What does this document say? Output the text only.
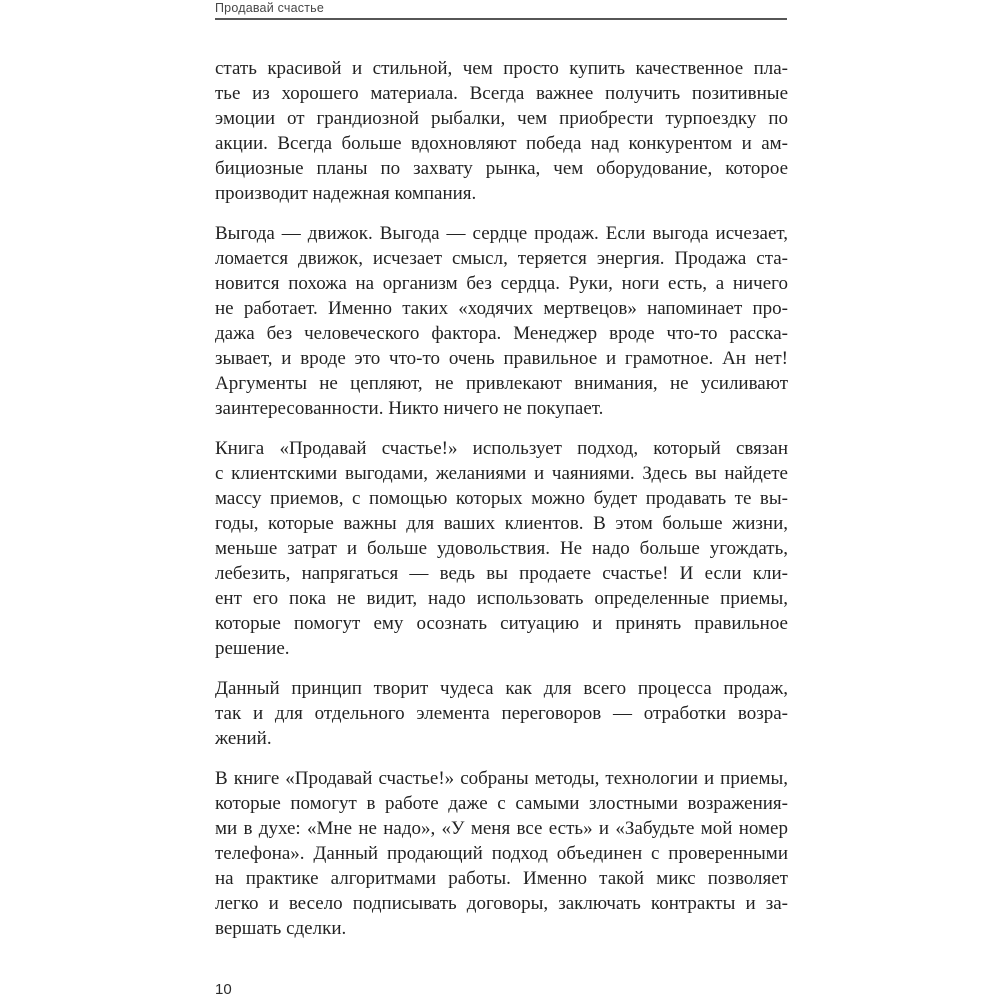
Продавай счастье
стать красивой и стильной, чем просто купить качественное пла-
тье из хорошего материала. Всегда важнее получить позитивные
эмоции от грандиозной рыбалки, чем приобрести турпоездку по
акции. Всегда больше вдохновляют победа над конкурентом и ам-
бициозные планы по захвату рынка, чем оборудование, которое
производит надежная компания.
Выгода — движок. Выгода — сердце продаж. Если выгода исчезает,
ломается движок, исчезает смысл, теряется энергия. Продажа ста-
новится похожа на организм без сердца. Руки, ноги есть, а ничего
не работает. Именно таких «ходячих мертвецов» напоминает про-
дажа без человеческого фактора. Менеджер вроде что-то расска-
зывает, и вроде это что-то очень правильное и грамотное. Ан нет!
Аргументы не цепляют, не привлекают внимания, не усиливают
заинтересованности. Никто ничего не покупает.
Книга «Продавай счастье!» использует подход, который связан
с клиентскими выгодами, желаниями и чаяниями. Здесь вы найдете
массу приемов, с помощью которых можно будет продавать те вы-
годы, которые важны для ваших клиентов. В этом больше жизни,
меньше затрат и больше удовольствия. Не надо больше угождать,
лебезить, напрягаться — ведь вы продаете счастье! И если кли-
ент его пока не видит, надо использовать определенные приемы,
которые помогут ему осознать ситуацию и принять правильное
решение.
Данный принцип творит чудеса как для всего процесса продаж,
так и для отдельного элемента переговоров — отработки возра-
жений.
В книге «Продавай счастье!» собраны методы, технологии и приемы,
которые помогут в работе даже с самыми злостными возражения-
ми в духе: «Мне не надо», «У меня все есть» и «Забудьте мой номер
телефона». Данный продающий подход объединен с проверенными
на практике алгоритмами работы. Именно такой микс позволяет
легко и весело подписывать договоры, заключать контракты и за-
вершать сделки.
10
